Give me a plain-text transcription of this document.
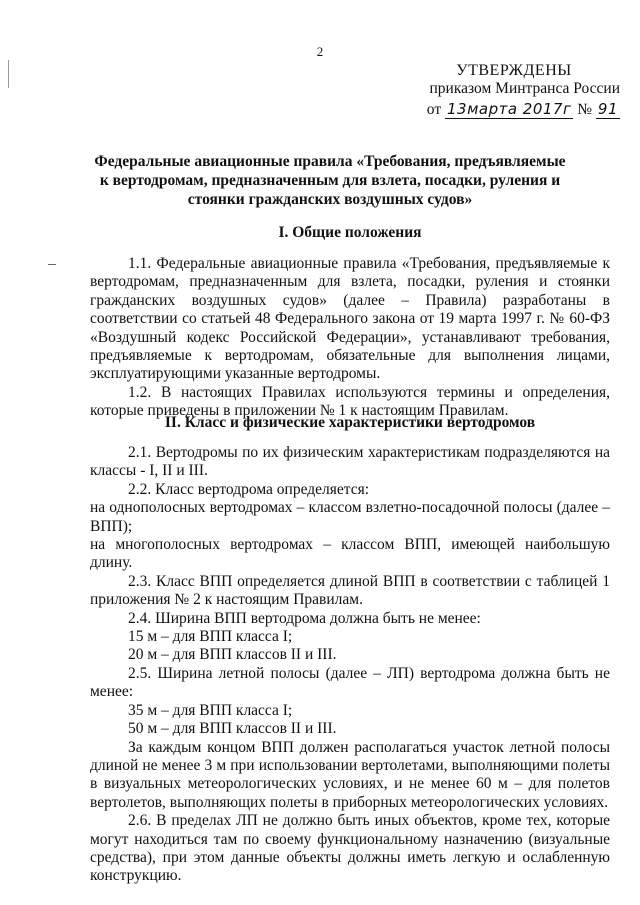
2
УТВЕРЖДЕНЫ
приказом Минтранса России
от 13марта 2017г № 91
Федеральные авиационные правила «Требования, предъявляемые к вертодромам, предназначенным для взлета, посадки, руления и стоянки гражданских воздушных судов»
I. Общие положения

1.1. Федеральные авиационные правила «Требования, предъявляемые к вертодромам, предназначенным для взлета, посадки, руления и стоянки гражданских воздушных судов» (далее – Правила) разработаны в соответствии со статьей 48 Федерального закона от 19 марта 1997 г. № 60-ФЗ «Воздушный кодекс Российской Федерации», устанавливают требования, предъявляемые к вертодромам, обязательные для выполнения лицами, эксплуатирующими указанные вертодромы.

1.2. В настоящих Правилах используются термины и определения, которые приведены в приложении № 1 к настоящим Правилам.

II. Класс и физические характеристики вертодромов

2.1. Вертодромы по их физическим характеристикам подразделяются на классы - I, II и III.

2.2. Класс вертодрома определяется:

на однополосных вертодромах – классом взлетно-посадочной полосы (далее – ВПП);

на многополосных вертодромах – классом ВПП, имеющей наибольшую длину.

2.3. Класс ВПП определяется длиной ВПП в соответствии с таблицей 1 приложения № 2 к настоящим Правилам.

2.4. Ширина ВПП вертодрома должна быть не менее:

15 м – для ВПП класса I;

20 м – для ВПП классов II и III.

2.5. Ширина летной полосы (далее – ЛП) вертодрома должна быть не менее:

35 м – для ВПП класса I;

50 м – для ВПП классов II и III.

За каждым концом ВПП должен располагаться участок летной полосы длиной не менее 3 м при использовании вертолетами, выполняющими полеты в визуальных метеорологических условиях, и не менее 60 м – для полетов вертолетов, выполняющих полеты в приборных метеорологических условиях.

2.6. В пределах ЛП не должно быть иных объектов, кроме тех, которые могут находиться там по своему функциональному назначению (визуальные средства), при этом данные объекты должны иметь легкую и ослабленную конструкцию.
